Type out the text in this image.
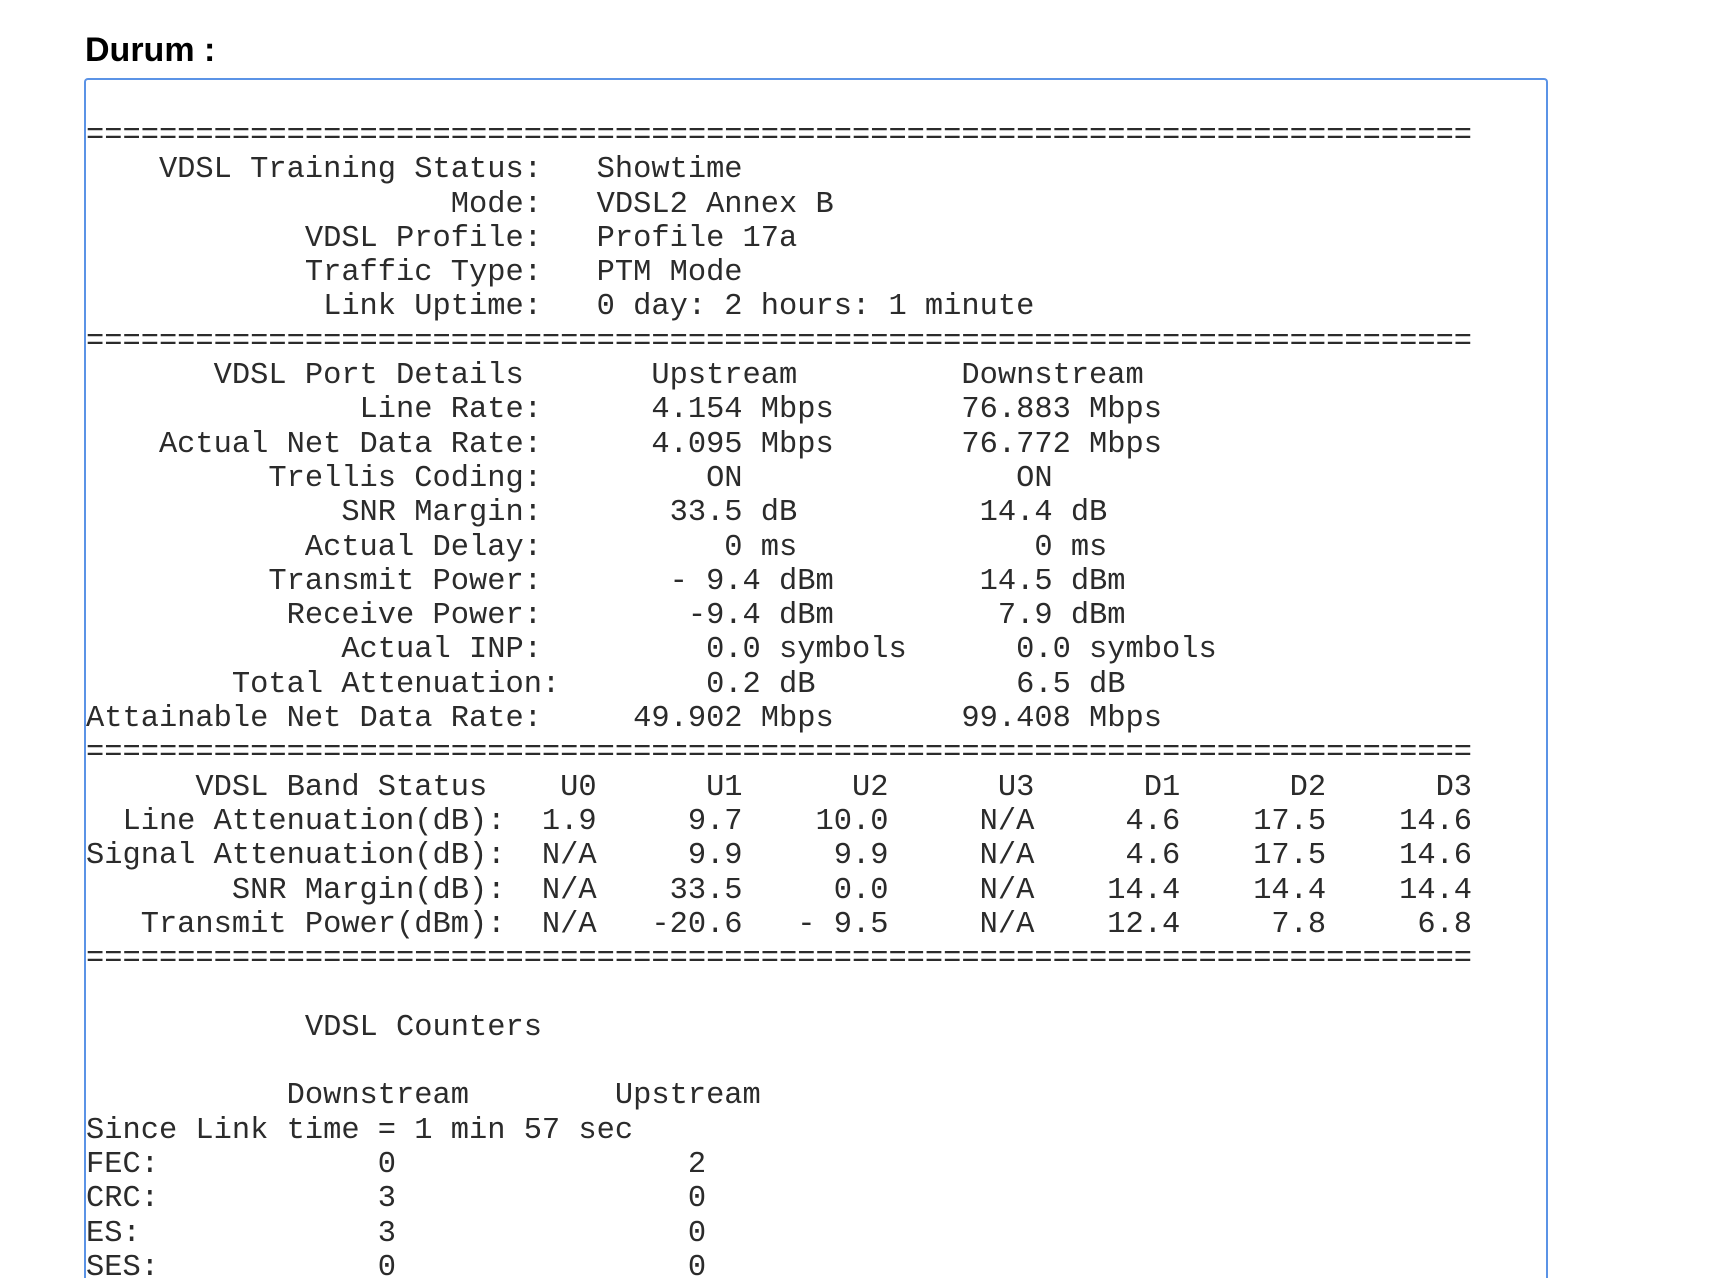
Durum :
============================================================================
VDSL Training Status:   Showtime
Mode:   VDSL2 Annex B
VDSL Profile:   Profile 17a
Traffic Type:   PTM Mode
Link Uptime:   0 day: 2 hours: 1 minute
============================================================================
VDSL Port Details       Upstream         Downstream
Line Rate:      4.154 Mbps       76.883 Mbps
Actual Net Data Rate:      4.095 Mbps       76.772 Mbps
Trellis Coding:         ON               ON
SNR Margin:       33.5 dB          14.4 dB
Actual Delay:          0 ms             0 ms
Transmit Power:       - 9.4 dBm        14.5 dBm
Receive Power:        -9.4 dBm         7.9 dBm
Actual INP:         0.0 symbols      0.0 symbols
Total Attenuation:        0.2 dB           6.5 dB
Attainable Net Data Rate:     49.902 Mbps       99.408 Mbps
============================================================================
VDSL Band Status    U0      U1      U2      U3      D1      D2      D3
Line Attenuation(dB):  1.9     9.7    10.0     N/A     4.6    17.5    14.6
Signal Attenuation(dB):  N/A     9.9     9.9     N/A     4.6    17.5    14.6
SNR Margin(dB):  N/A    33.5     0.0     N/A    14.4    14.4    14.4
Transmit Power(dBm):  N/A   -20.6   - 9.5     N/A    12.4     7.8     6.8
============================================================================

VDSL Counters

Downstream        Upstream
Since Link time = 1 min 57 sec
FEC:            0                2
CRC:            3                0
ES:             3                0
SES:            0                0
